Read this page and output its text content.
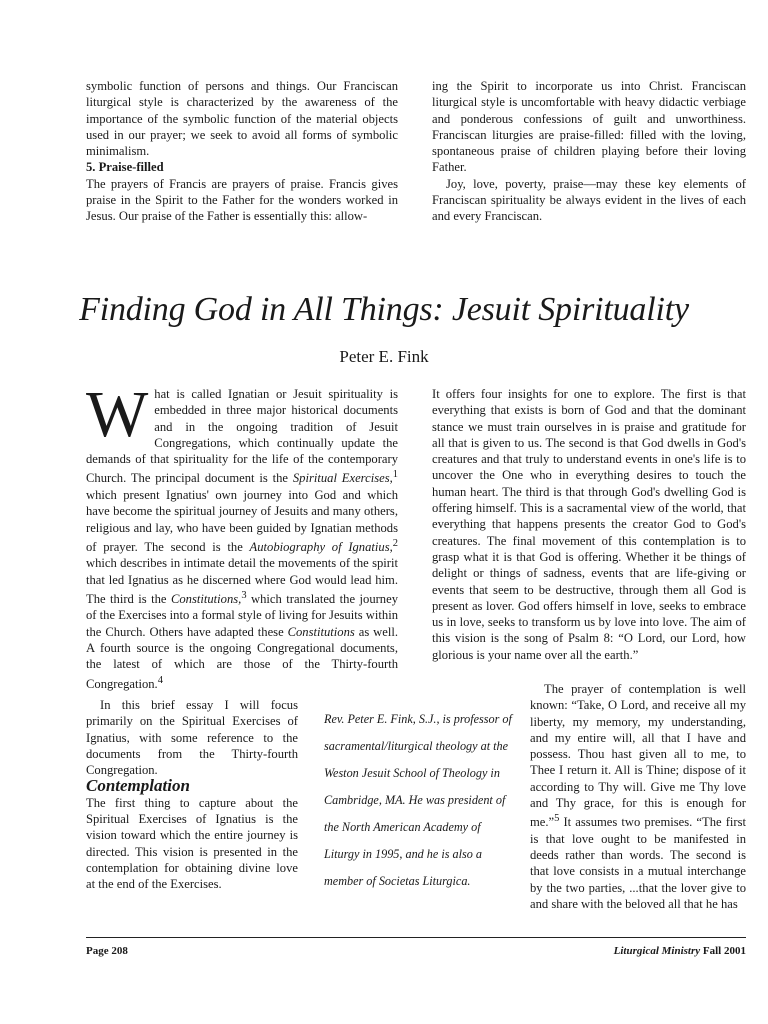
symbolic function of persons and things. Our Franciscan liturgical style is characterized by the awareness of the importance of the symbolic function of the material objects used in our prayer; we seek to avoid all forms of symbolic minimalism.

5. Praise-filled

The prayers of Francis are prayers of praise. Francis gives praise in the Spirit to the Father for the wonders worked in Jesus. Our praise of the Father is essentially this: allow-

ing the Spirit to incorporate us into Christ. Franciscan liturgical style is uncomfortable with heavy didactic verbiage and ponderous confessions of guilt and unworthiness. Franciscan liturgies are praise-filled: filled with the loving, spontaneous praise of children playing before their loving Father.

Joy, love, poverty, praise—may these key elements of Franciscan spirituality be always evident in the lives of each and every Franciscan.

Finding God in All Things: Jesuit Spirituality
Peter E. Fink

What is called Ignatian or Jesuit spirituality is embedded in three major historical documents and in the ongoing tradition of Jesuit Congregations, which continually update the demands of that spirituality for the life of the contemporary Church. The principal document is the Spiritual Exercises,$^1$ which present Ignatius' own journey into God and which have become the spiritual journey of Jesuits and many others, religious and lay, who have been guided by Ignatian methods of prayer. The second is the Autobiography of Ignatius,$^2$ which describes in intimate detail the movements of the spirit that led Ignatius as he discerned where God would lead him. The third is the Constitutions,$^3$ which translated the journey of the Exercises into a formal style of living for Jesuits within the Church. Others have adapted these Constitutions as well. A fourth source is the ongoing Congregational documents, the latest of which are those of the Thirty-fourth Congregation.$^4$

In this brief essay I will focus primarily on the Spiritual Exercises of Ignatius, with some reference to the documents from the Thirty-fourth Congregation.

Contemplation

The first thing to capture about the Spiritual Exercises of Ignatius is the vision toward which the entire journey is directed. This vision is presented in the contemplation for obtaining divine love at the end of the Exercises.

Rev. Peter E. Fink, S.J., is professor of sacramental/liturgical theology at the Weston Jesuit School of Theology in Cambridge, MA. He was president of the North American Academy of Liturgy in 1995, and he is also a member of Societas Liturgica.

It offers four insights for one to explore. The first is that everything that exists is born of God and that the dominant stance we must train ourselves in is praise and gratitude for all that is given to us. The second is that God dwells in God's creatures and that truly to understand events in one's life is to uncover the One who in everything desires to touch the human heart. The third is that through God's dwelling God is offering himself. This is a sacramental view of the world, that everything that happens presents the creator God to God's creatures. The final movement of this contemplation is to grasp what it is that God is offering. Whether it be things of delight or things of sadness, events that are life-giving or events that seem to be destructive, through them all God is present as lover. God offers himself in love, seeks to embrace us in love, seeks to transform us by love into love. The aim of this vision is the song of Psalm 8: “O Lord, our Lord, how glorious is your name over all the earth.”

The prayer of contemplation is well known: “Take, O Lord, and receive all my liberty, my memory, my understanding, and my entire will, all that I have and possess. Thou hast given all to me, to Thee I return it. All is Thine; dispose of it according to Thy will. Give me Thy love and Thy grace, for this is enough for me.”$^5$ It assumes two premises. “The first is that love ought to be manifested in deeds rather than words. The second is that love consists in a mutual interchange by the two parties, ...that the lover give to and share with the beloved all that he has

Page 208	Liturgical Ministry Fall 2001
